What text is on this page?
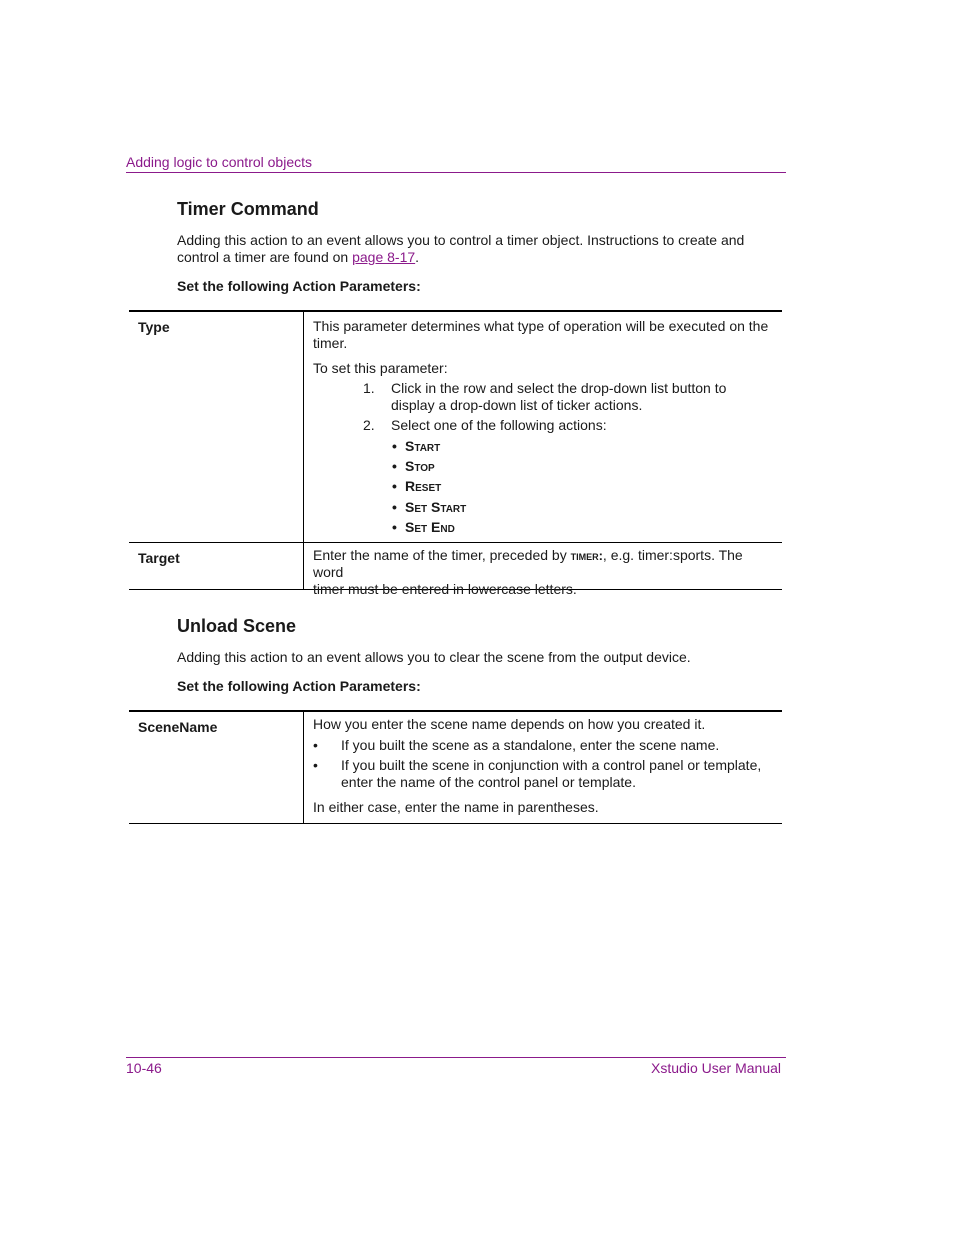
Adding logic to control objects
Timer Command

Adding this action to an event allows you to control a timer object. Instructions to create and
control a timer are found on page 8-17.

Set the following Action Parameters:

Type	This parameter determines what type of operation will be executed on the
timer.
To set this parameter:
1. Click in the row and select the drop-down list button to
display a drop-down list of ticker actions.
2. Select one of the following actions:
• Start
• Stop
• Reset
• Set Start
• Set End
Target	Enter the name of the timer, preceded by timer:, e.g. timer:sports. The word
timer must be entered in lowercase letters.
Unload Scene

Adding this action to an event allows you to clear the scene from the output device.

Set the following Action Parameters:

SceneName	How you enter the scene name depends on how you created it.
• If you built the scene as a standalone, enter the scene name.
• If you built the scene in conjunction with a control panel or template,
enter the name of the control panel or template.
In either case, enter the name in parentheses.
10-46	Xstudio User Manual
